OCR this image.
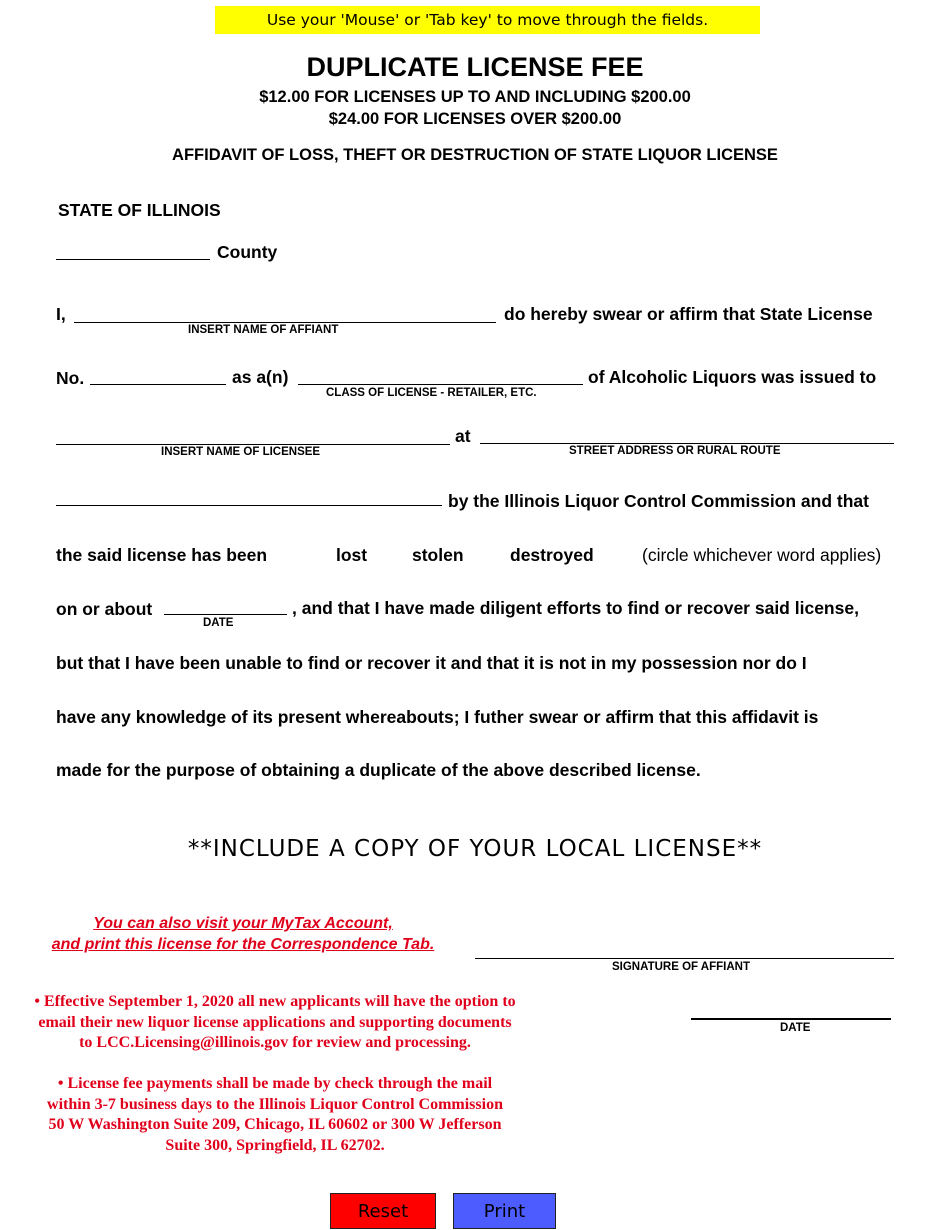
Use your 'Mouse' or 'Tab key' to move through the fields.
DUPLICATE LICENSE FEE
$12.00 FOR LICENSES UP TO AND INCLUDING $200.00
$24.00 FOR LICENSES OVER $200.00
AFFIDAVIT OF LOSS, THEFT OR DESTRUCTION OF STATE LIQUOR LICENSE
STATE OF ILLINOIS
County
I,
INSERT NAME OF AFFIANT
do hereby swear or affirm that State License
No.	as a(n)
CLASS OF LICENSE - RETAILER, ETC.
of Alcoholic Liquors was issued to
INSERT NAME OF LICENSEE
at
STREET ADDRESS OR RURAL ROUTE
by the Illinois Liquor Control Commission and that
the said license has been	lost	stolen	destroyed	(circle whichever word applies)
on or about
DATE
, and that I have made diligent efforts to find or recover said license,
but that I have been unable to find or recover it and that it is not in my possession nor do I
have any knowledge of its present whereabouts; I futher swear or affirm that this affidavit is
made for the purpose of obtaining a duplicate of the above described license.
**INCLUDE A COPY OF YOUR LOCAL LICENSE**
You can also visit your MyTax Account,
and print this license for the Correspondence Tab.
SIGNATURE OF AFFIANT
DATE
• Effective September 1, 2020 all new applicants will have the option to
email their new liquor license applications and supporting documents
to LCC.Licensing@illinois.gov for review and processing.
• License fee payments shall be made by check through the mail
within 3-7 business days to the Illinois Liquor Control Commission
50 W Washington Suite 209, Chicago, IL 60602 or 300 W Jefferson
Suite 300, Springfield, IL 62702.
Reset	Print
